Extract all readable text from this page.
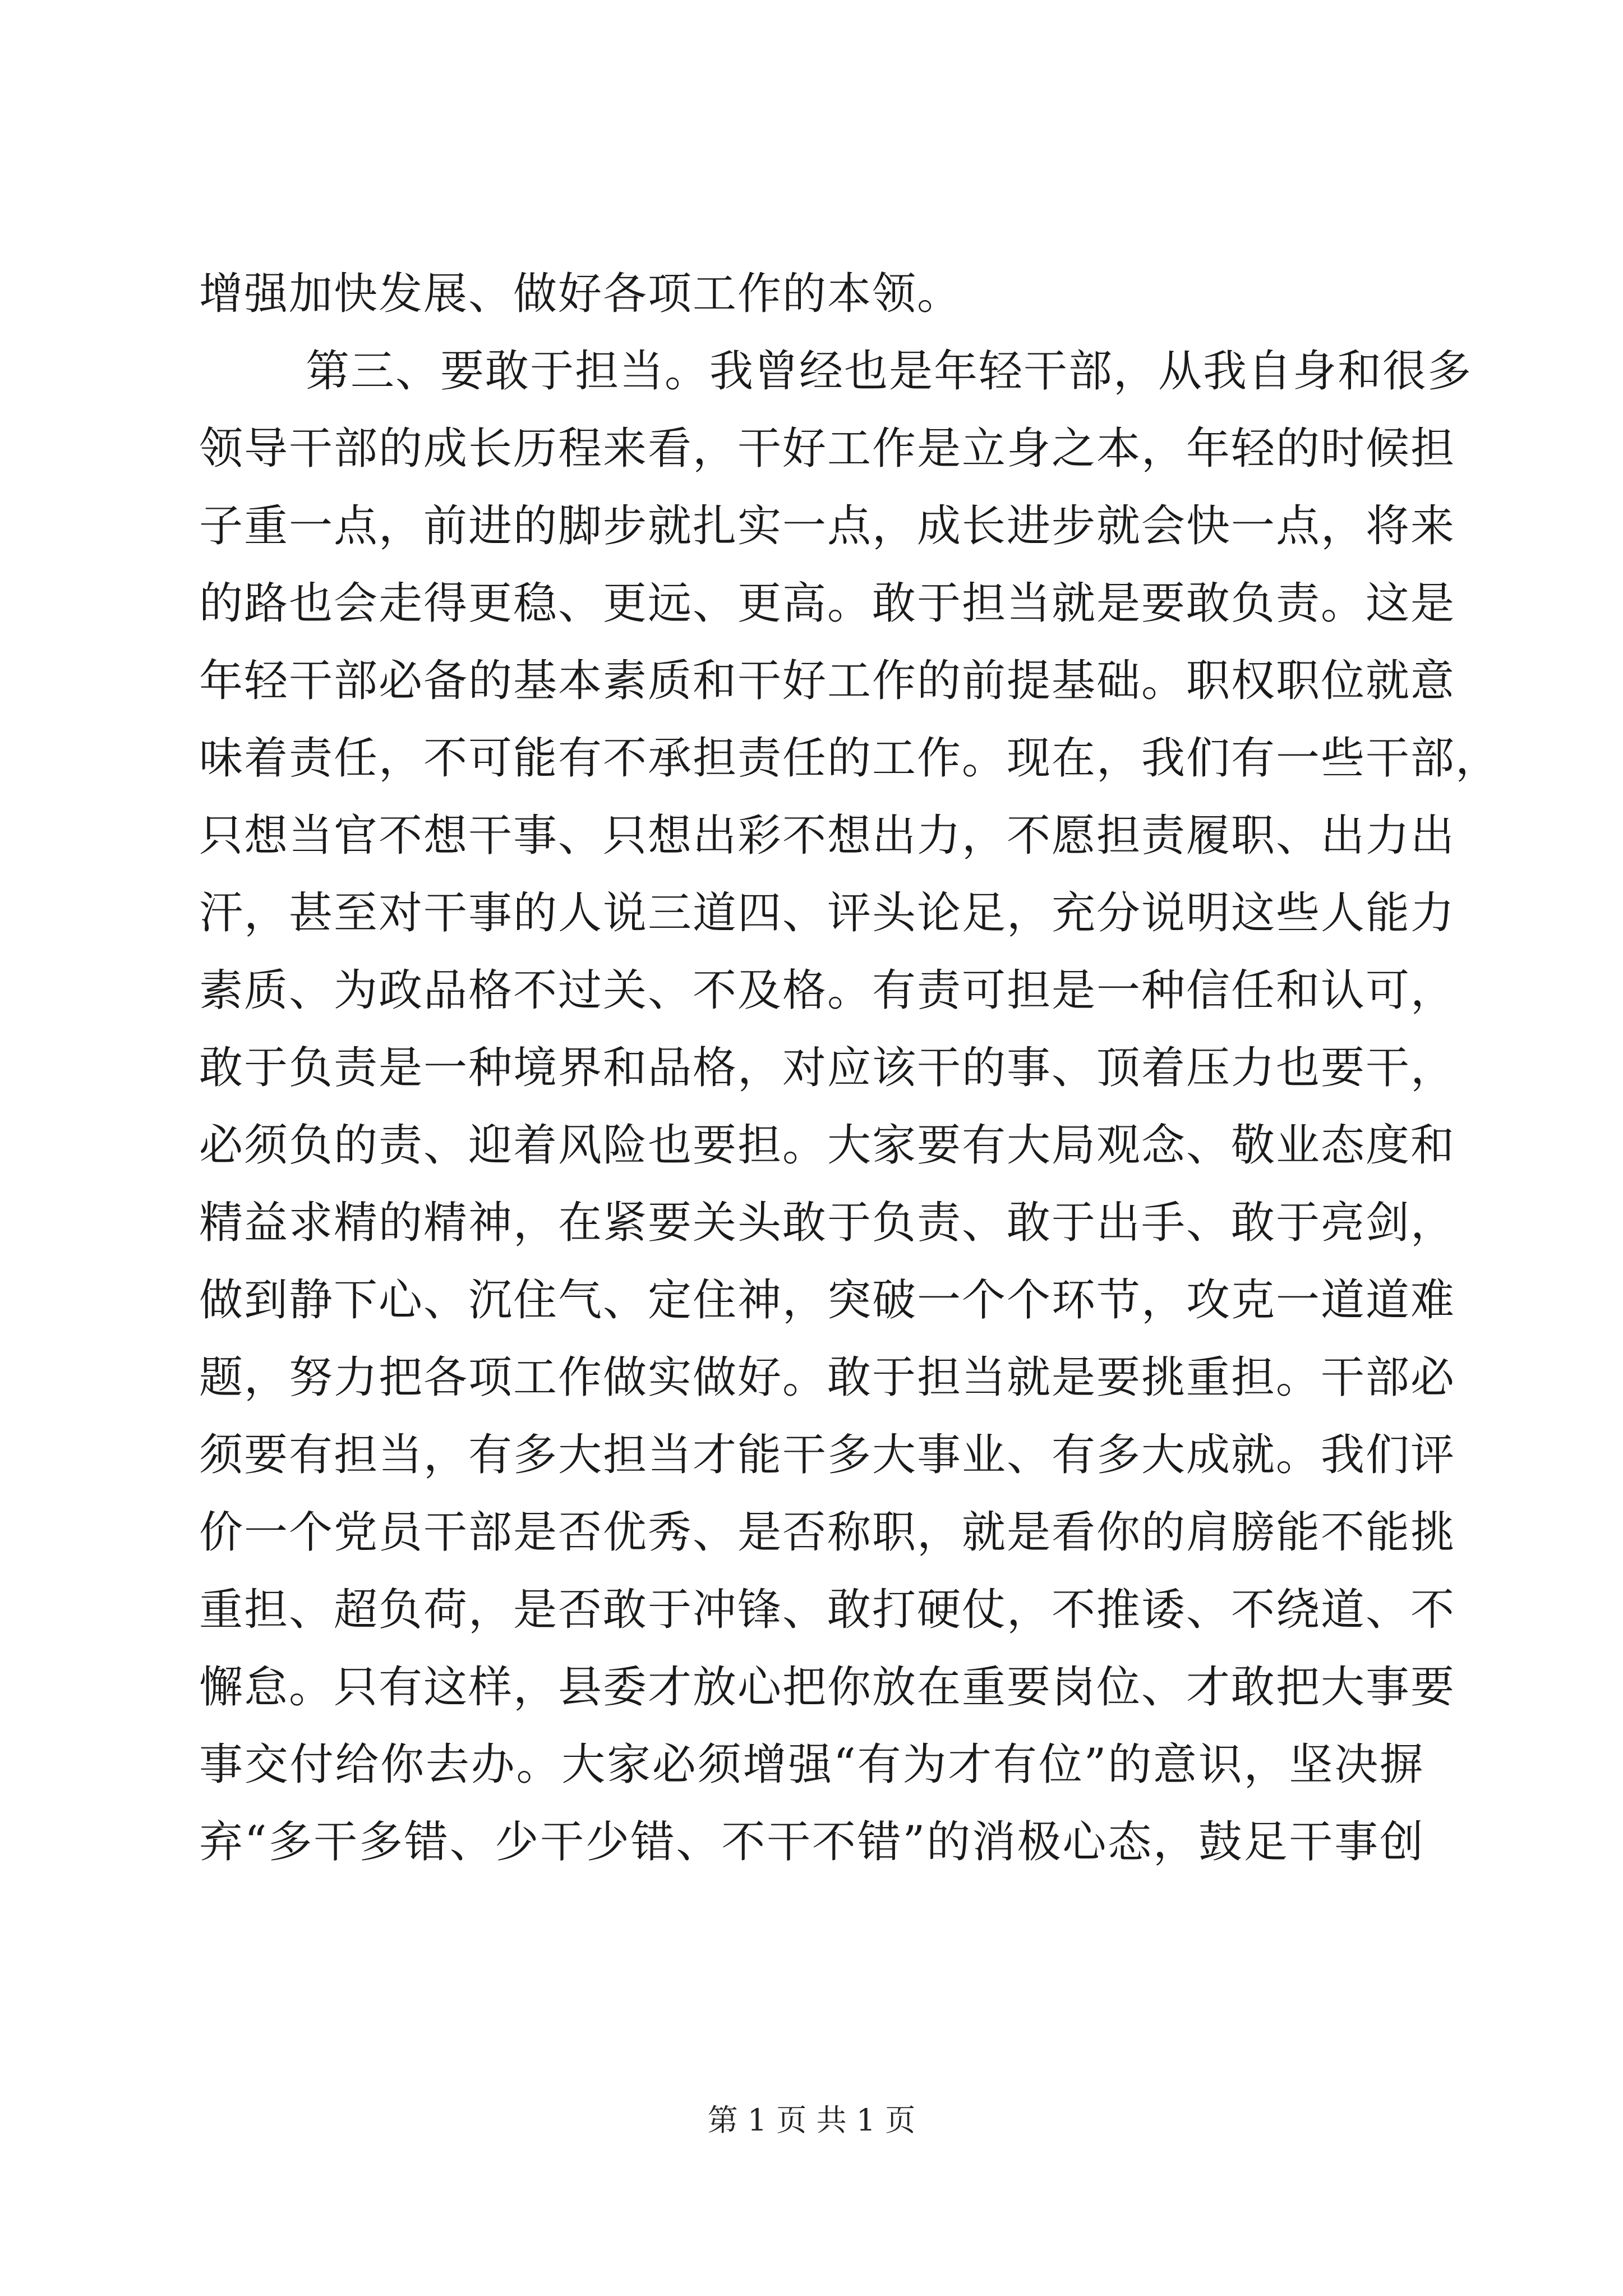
增强加快发展、做好各项工作的本领。
第三、要敢于担当。我曾经也是年轻干部，从我自身和很多
领导干部的成长历程来看，干好工作是立身之本，年轻的时候担
子重一点，前进的脚步就扎实一点，成长进步就会快一点，将来
的路也会走得更稳、更远、更高。敢于担当就是要敢负责。这是
年轻干部必备的基本素质和干好工作的前提基础。职权职位就意
味着责任，不可能有不承担责任的工作。现在，我们有一些干部，
只想当官不想干事、只想出彩不想出力，不愿担责履职、出力出
汗，甚至对干事的人说三道四、评头论足，充分说明这些人能力
素质、为政品格不过关、不及格。有责可担是一种信任和认可，
敢于负责是一种境界和品格，对应该干的事、顶着压力也要干，
必须负的责、迎着风险也要担。大家要有大局观念、敬业态度和
精益求精的精神，在紧要关头敢于负责、敢于出手、敢于亮剑，
做到静下心、沉住气、定住神，突破一个个环节，攻克一道道难
题，努力把各项工作做实做好。敢于担当就是要挑重担。干部必
须要有担当，有多大担当才能干多大事业、有多大成就。我们评
价一个党员干部是否优秀、是否称职，就是看你的肩膀能不能挑
重担、超负荷，是否敢于冲锋、敢打硬仗，不推诿、不绕道、不
懈怠。只有这样，县委才放心把你放在重要岗位、才敢把大事要
事交付给你去办。大家必须增强“有为才有位”的意识，坚决摒
弃“多干多错、少干少错、不干不错”的消极心态，鼓足干事创
第 1 页 共 1 页
